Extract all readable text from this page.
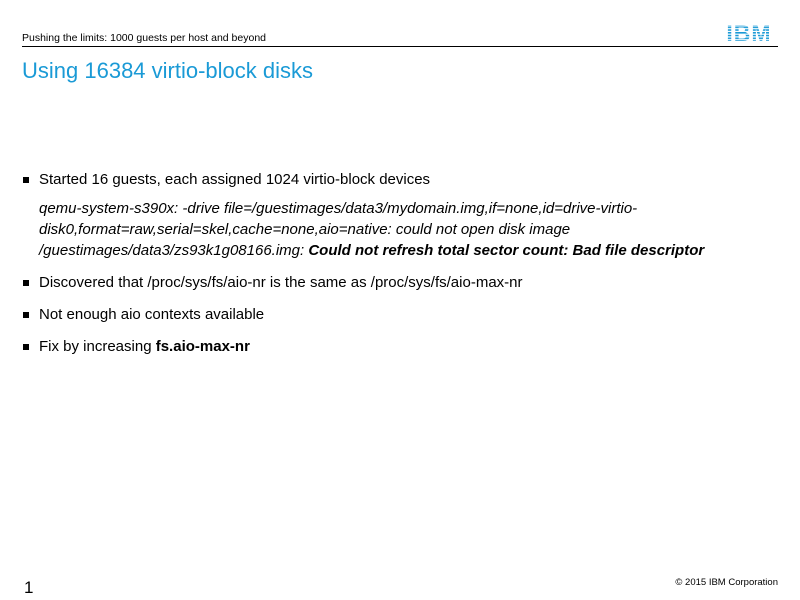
Pushing the limits: 1000 guests per host and beyond
Using 16384 virtio-block disks
Started 16 guests, each assigned 1024 virtio-block devices
qemu-system-s390x: -drive file=/guestimages/data3/mydomain.img,if=none,id=drive-virtio-
disk0,format=raw,serial=skel,cache=none,aio=native: could not open disk image
/guestimages/data3/zs93k1g08166.img: Could not refresh total sector count: Bad file descriptor
Discovered that /proc/sys/fs/aio-nr is the same as /proc/sys/fs/aio-max-nr
Not enough aio contexts available
Fix by increasing fs.aio-max-nr
1	© 2015 IBM Corporation
